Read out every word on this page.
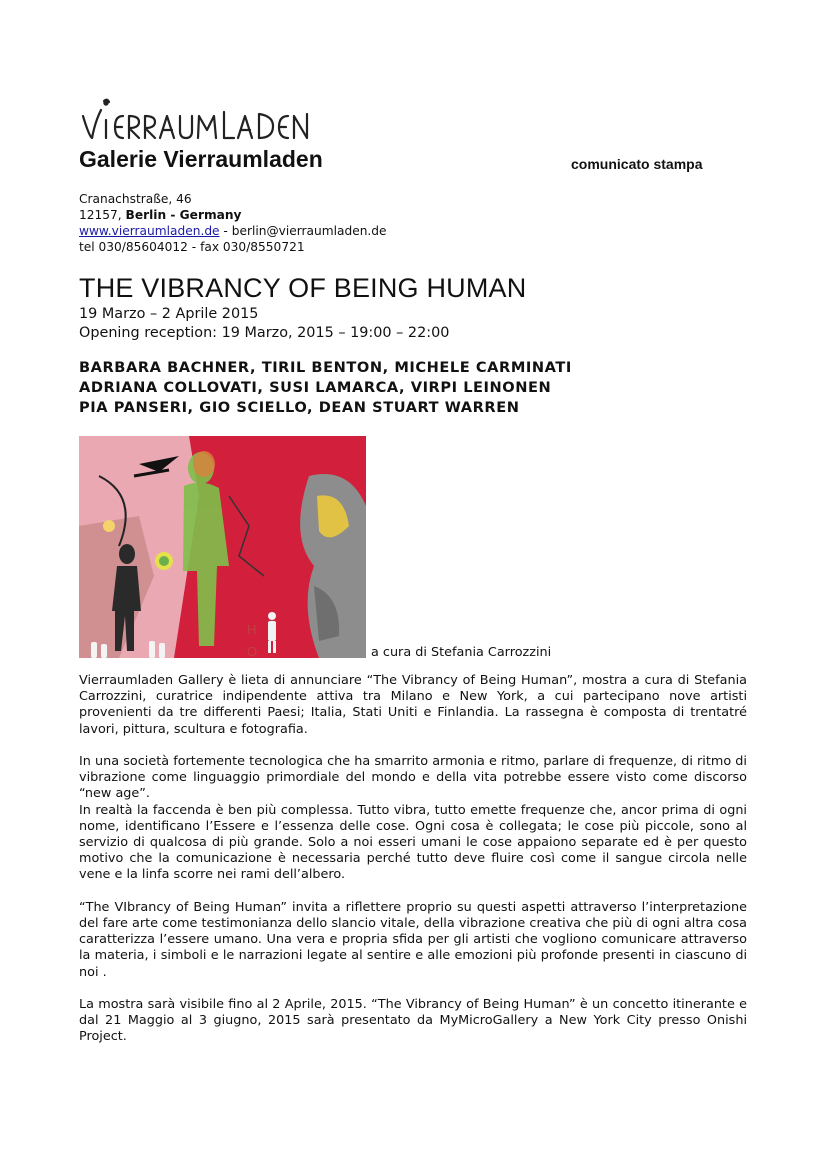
Galerie Vierraumladen	comunicato stampa
Cranachstraße, 46
12157, Berlin - Germany
www.vierraumladen.de - berlin@vierraumladen.de
tel 030/85604012 - fax 030/8550721
THE VIBRANCY OF BEING HUMAN
19 Marzo – 2 Aprile 2015
Opening reception: 19 Marzo, 2015 – 19:00 – 22:00
BARBARA BACHNER, TIRIL BENTON, MICHELE CARMINATI
ADRIANA COLLOVATI, SUSI LAMARCA, VIRPI LEINONEN
PIA PANSERI, GIO SCIELLO, DEAN STUART WARREN
H
O	a cura di Stefania Carrozzini

Vierraumladen Gallery è lieta di annunciare “The Vibrancy of Being Human”, mostra a cura di Stefania Carrozzini, curatrice indipendente attiva tra Milano e New York, a cui partecipano nove artisti provenienti da tre differenti Paesi; Italia, Stati Uniti e Finlandia. La rassegna è composta di trentatré lavori, pittura, scultura e fotografia.

In una società fortemente tecnologica che ha smarrito armonia e ritmo, parlare di frequenze, di ritmo di vibrazione come linguaggio primordiale del mondo e della vita potrebbe essere visto come discorso “new age”.

In realtà la faccenda è ben più complessa. Tutto vibra, tutto emette frequenze che, ancor prima di ogni nome, identificano l’Essere e l’essenza delle cose. Ogni cosa è collegata; le cose più piccole, sono al servizio di qualcosa di più grande. Solo a noi esseri umani le cose appaiono separate ed è per questo motivo che la comunicazione è necessaria perché tutto deve fluire così come il sangue circola nelle vene e la linfa scorre nei rami dell’albero.

“The VIbrancy of Being Human” invita a riflettere proprio su questi aspetti attraverso l’interpretazione del fare arte come testimonianza dello slancio vitale, della vibrazione creativa che più di ogni altra cosa caratterizza l’essere umano. Una vera e propria sfida per gli artisti che vogliono comunicare attraverso la materia, i simboli e le narrazioni legate al sentire e alle emozioni più profonde presenti in ciascuno di noi .

La mostra sarà visibile fino al 2 Aprile, 2015. “The Vibrancy of Being Human” è un concetto itinerante e dal 21 Maggio al 3 giugno, 2015 sarà presentato da MyMicroGallery a New York City presso Onishi Project.
